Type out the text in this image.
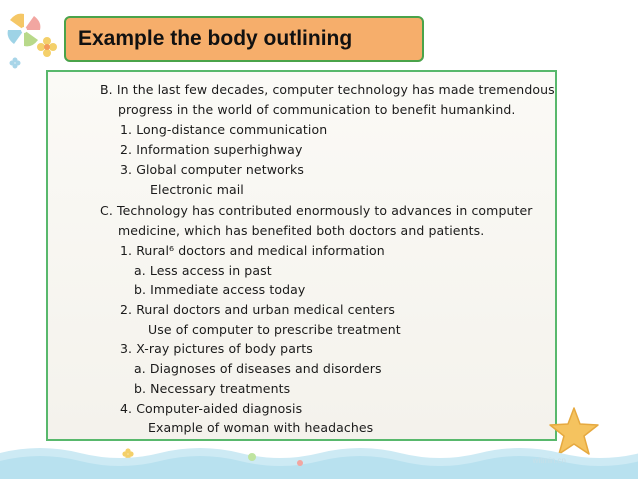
Example the body outlining
B. In the last few decades, computer technology has made tremendous
progress in the world of communication to benefit humankind.
1. Long-distance communication
2. Information superhighway
3. Global computer networks
Electronic mail
C. Technology has contributed enormously to advances in computer
medicine, which has benefited both doctors and patients.
1. Rural⁶ doctors and medical information
a. Less access in past
b. Immediate access today
2. Rural doctors and urban medical centers
Use of computer to prescribe treatment
3. X-ray pictures of body parts
a. Diagnoses of diseases and disorders
b. Necessary treatments
4. Computer-aided diagnosis
Example of woman with headaches
witmin.cn
